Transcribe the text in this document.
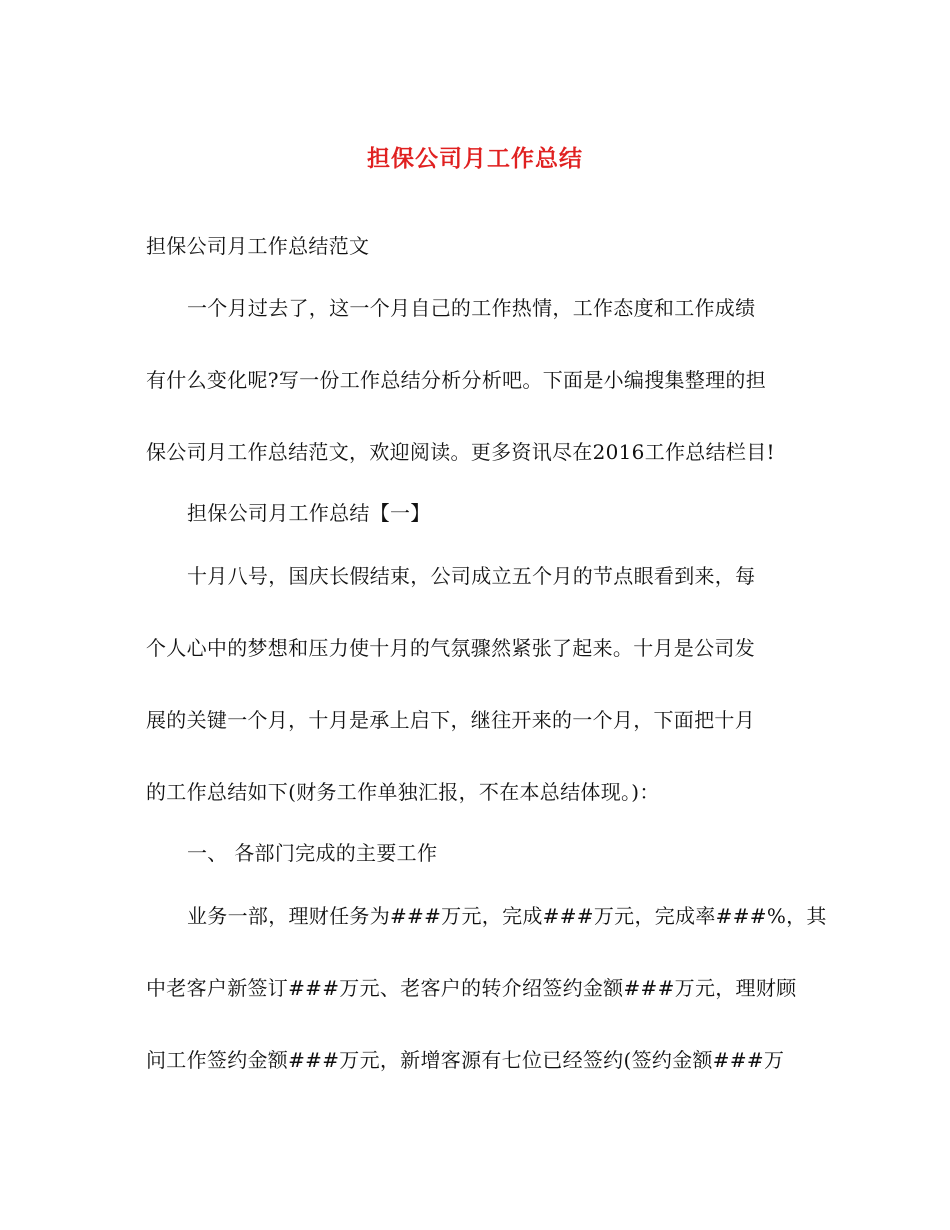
担保公司月工作总结
担保公司月工作总结范文
一个月过去了，这一个月自己的工作热情，工作态度和工作成绩
有什么变化呢?写一份工作总结分析分析吧。下面是小编搜集整理的担
保公司月工作总结范文，欢迎阅读。更多资讯尽在2016工作总结栏目!
担保公司月工作总结【一】
十月八号，国庆长假结束，公司成立五个月的节点眼看到来，每
个人心中的梦想和压力使十月的气氛骤然紧张了起来。十月是公司发
展的关键一个月，十月是承上启下，继往开来的一个月，下面把十月
的工作总结如下(财务工作单独汇报，不在本总结体现。)：
一、 各部门完成的主要工作
业务一部，理财任务为###万元，完成###万元，完成率###%，其
中老客户新签订###万元、老客户的转介绍签约金额###万元，理财顾
问工作签约金额###万元，新增客源有七位已经签约(签约金额###万
